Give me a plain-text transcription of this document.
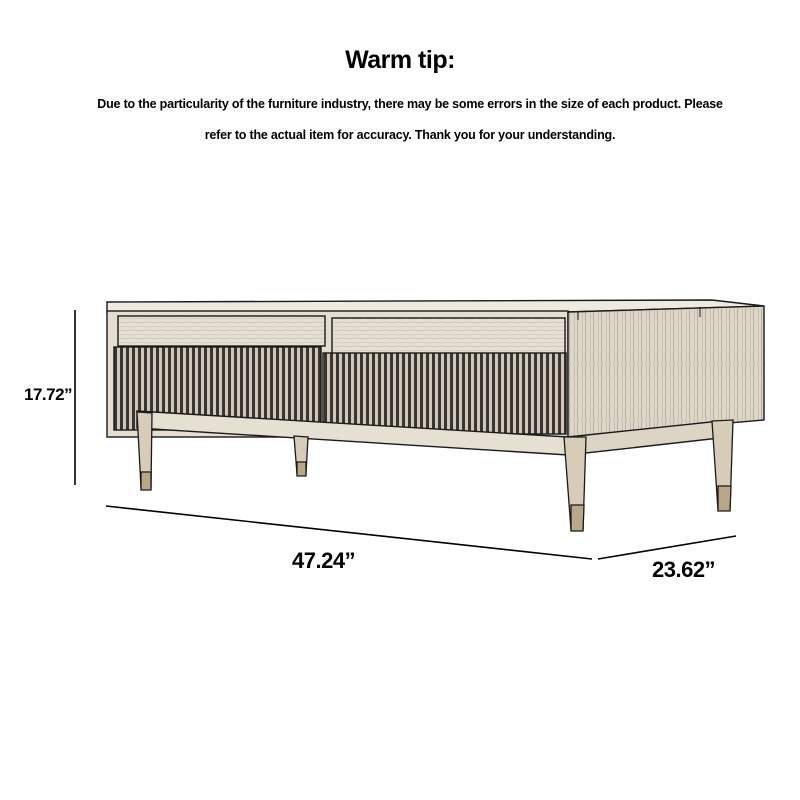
Warm tip:
Due to the particularity of the furniture industry, there may be some errors in the size of each product. Please
refer to the actual item for accuracy. Thank you for your understanding.
17.72”
47.24”	23.62”
